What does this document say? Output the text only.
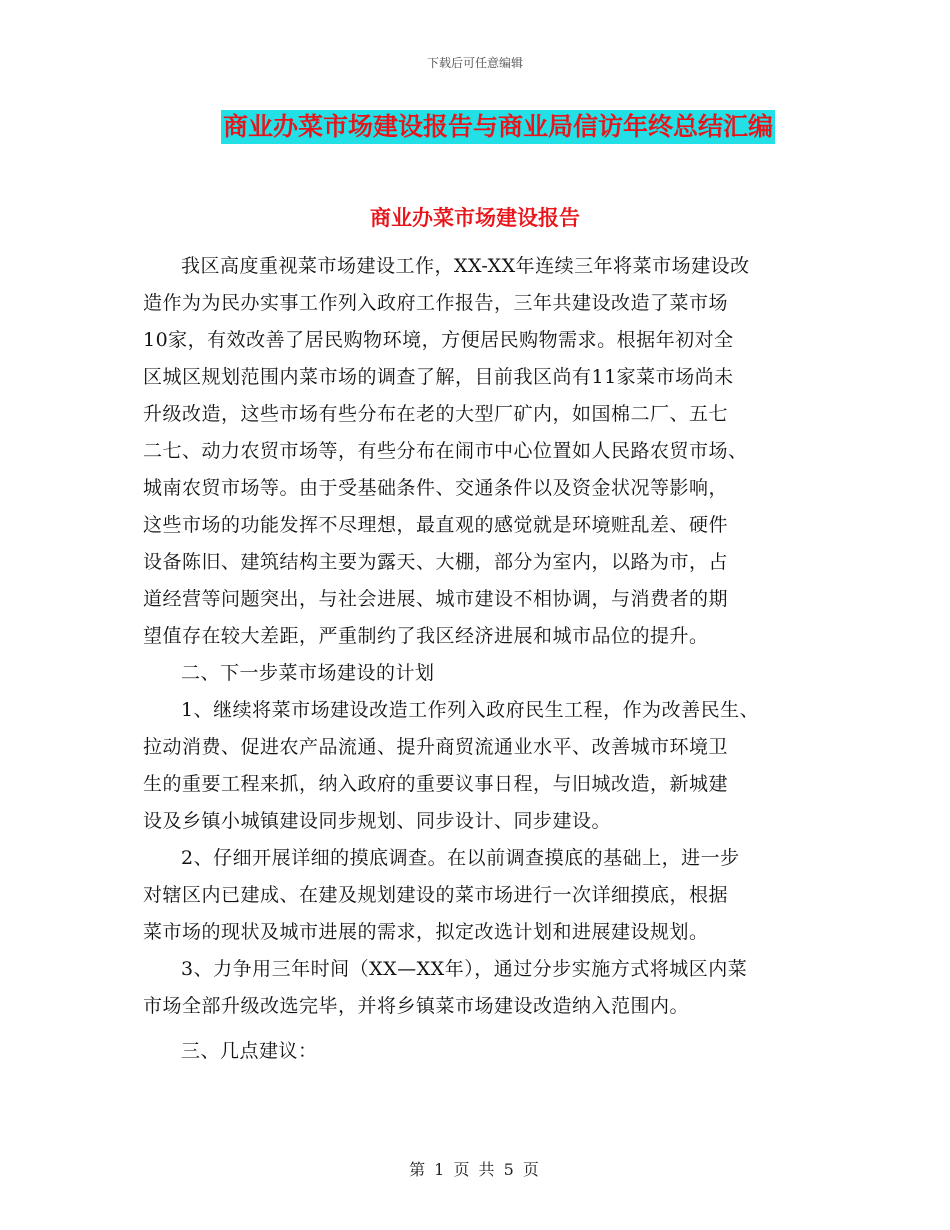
下载后可任意编辑
商业办菜市场建设报告与商业局信访年终总结汇编
商业办菜市场建设报告

我区高度重视菜市场建设工作，XX-XX年连续三年将菜市场建设改
造作为为民办实事工作列入政府工作报告，三年共建设改造了菜市场
10家，有效改善了居民购物环境，方便居民购物需求。根据年初对全
区城区规划范围内菜市场的调查了解，目前我区尚有11家菜市场尚未
升级改造，这些市场有些分布在老的大型厂矿内，如国棉二厂、五七
二七、动力农贸市场等，有些分布在闹市中心位置如人民路农贸市场、
城南农贸市场等。由于受基础条件、交通条件以及资金状况等影响，
这些市场的功能发挥不尽理想，最直观的感觉就是环境赃乱差、硬件
设备陈旧、建筑结构主要为露天、大棚，部分为室内，以路为市，占
道经营等问题突出，与社会进展、城市建设不相协调，与消费者的期
望值存在较大差距，严重制约了我区经济进展和城市品位的提升。

二、下一步菜市场建设的计划

1、继续将菜市场建设改造工作列入政府民生工程，作为改善民生、
拉动消费、促进农产品流通、提升商贸流通业水平、改善城市环境卫
生的重要工程来抓，纳入政府的重要议事日程，与旧城改造，新城建
设及乡镇小城镇建设同步规划、同步设计、同步建设。

2、仔细开展详细的摸底调查。在以前调查摸底的基础上，进一步
对辖区内已建成、在建及规划建设的菜市场进行一次详细摸底，根据
菜市场的现状及城市进展的需求，拟定改选计划和进展建设规划。

3、力争用三年时间（XX—XX年），通过分步实施方式将城区内菜
市场全部升级改选完毕，并将乡镇菜市场建设改造纳入范围内。

三、几点建议：

第 1 页 共 5 页
